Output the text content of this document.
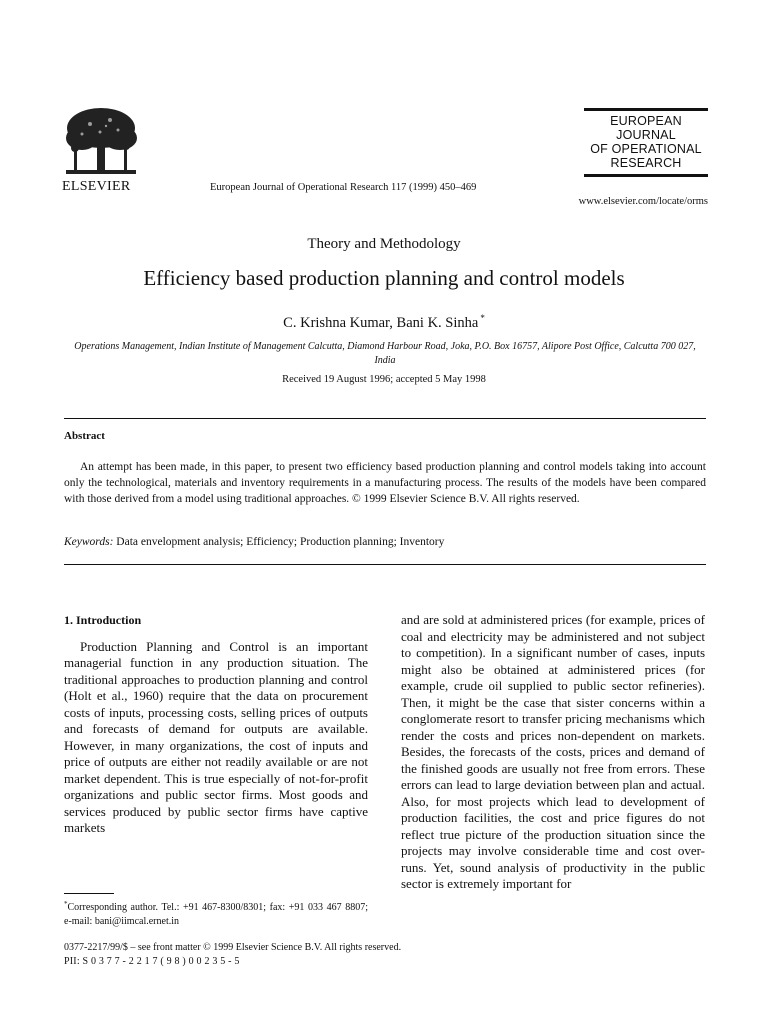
ELSEVIER	European Journal of Operational Research 117 (1999) 450–469
EUROPEAN
JOURNAL
OF OPERATIONAL
RESEARCH
www.elsevier.com/locate/orms
Theory and Methodology
Efficiency based production planning and control models
C. Krishna Kumar, Bani K. Sinha *
Operations Management, Indian Institute of Management Calcutta, Diamond Harbour Road, Joka, P.O. Box 16757, Alipore Post Office, Calcutta 700 027, India
Received 19 August 1996; accepted 5 May 1998
Abstract
An attempt has been made, in this paper, to present two efficiency based production planning and control models taking into account only the technological, materials and inventory requirements in a manufacturing process. The results of the models have been compared with those derived from a model using traditional approaches. © 1999 Elsevier Science B.V. All rights reserved.
Keywords: Data envelopment analysis; Efficiency; Production planning; Inventory
1. Introduction

Production Planning and Control is an important managerial function in any production situation. The traditional approaches to production planning and control (Holt et al., 1960) require that the data on procurement costs of inputs, processing costs, selling prices of outputs and forecasts of demand for outputs are available. However, in many organizations, the cost of inputs and price of outputs are either not readily available or are not market dependent. This is true especially of not-for-profit organizations and public sector firms. Most goods and services produced by public sector firms have captive markets

and are sold at administered prices (for example, prices of coal and electricity may be administered and not subject to competition). In a significant number of cases, inputs might also be obtained at administered prices (for example, crude oil supplied to public sector refineries). Then, it might be the case that sister concerns within a conglomerate resort to transfer pricing mechanisms which render the costs and prices non-dependent on markets. Besides, the forecasts of the costs, prices and demand of the finished goods are usually not free from errors. These errors can lead to large deviation between plan and actual. Also, for most projects which lead to development of production facilities, the cost and price figures do not reflect true picture of the production situation since the projects may involve considerable time and cost over-runs. Yet, sound analysis of productivity in the public sector is extremely important for

*Corresponding author. Tel.: +91 467-8300/8301; fax: +91 033 467 8807; e-mail: bani@iimcal.ernet.in
0377-2217/99/$ – see front matter © 1999 Elsevier Science B.V. All rights reserved.
PII: S 0 3 7 7 - 2 2 1 7 ( 9 8 ) 0 0 2 3 5 - 5
